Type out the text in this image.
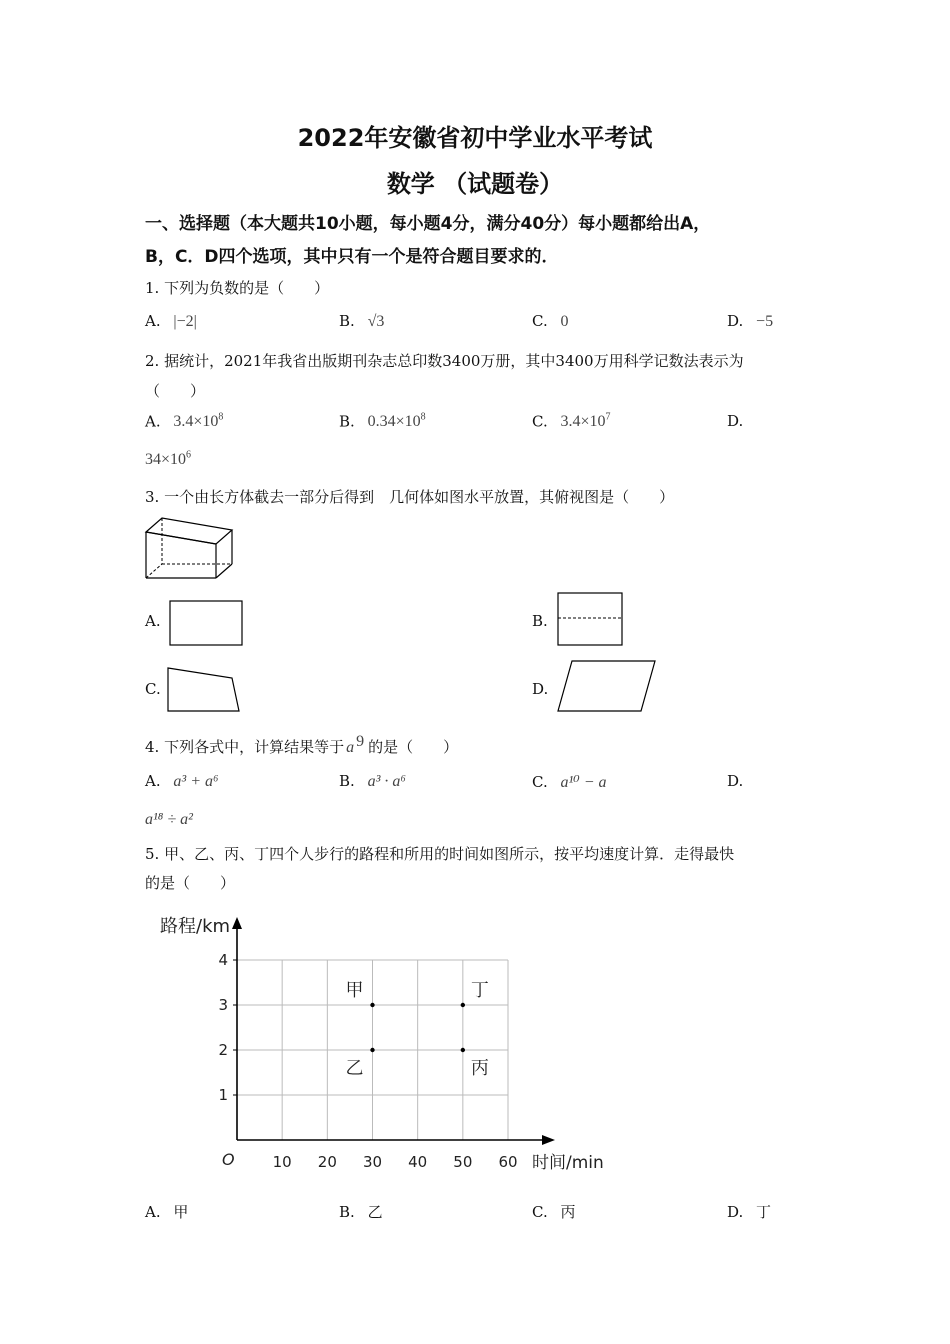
2022年安徽省初中学业水平考试
数学 （试题卷）
一、选择题（本大题共10小题，每小题4分，满分40分）每小题都给出A，
B，C．D四个选项，其中只有一个是符合题目要求的．
1. 下列为负数的是（　　）
A. |−2|	B. √3	C. 0	D. −5
2. 据统计，2021年我省出版期刊杂志总印数3400万册，其中3400万用科学记数法表示为
（　　）
A. $3.4\times 10^8$	B. $0.34\times 10^8$	C. $3.4\times 10^7$	D.
$34\times 10^6$
3. 一个由长方体截去一部分后得到　几何体如图水平放置，其俯视图是（　　）
A.	B.
C.	D.
4. 下列各式中，计算结果等于 a $^9$ 的是（　　）
A. a³ + a⁶	B. a³ · a⁶	C. a¹⁰ − a	D.
a¹⁸ ÷ a²
5. 甲、乙、丙、丁四个人步行的路程和所用的时间如图所示，按平均速度计算．走得最快
的是（　　）
10 20 30 40 50 60
1
2
3
4
甲
乙	丙
丁
路程/km
时间/min
O
A. 甲	B. 乙	C. 丙	D. 丁
